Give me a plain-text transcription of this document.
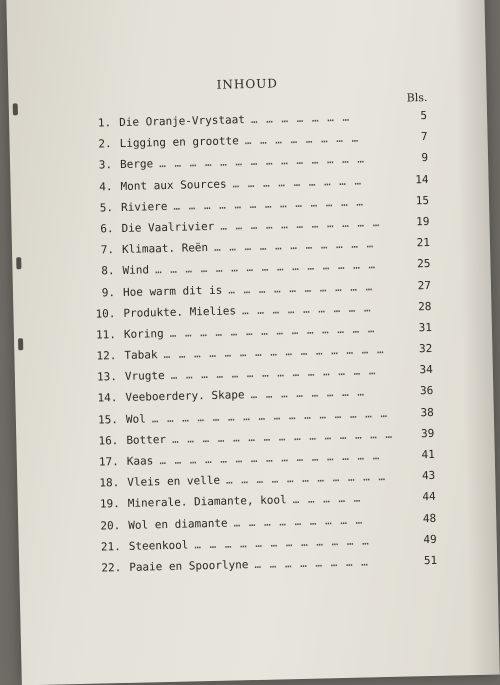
INHOUD
Bls.
1. Die Oranje-Vrystaat … … … … … … …	5
2. Ligging en grootte … … … … … … … …	7
3. Berge … … … … … … … … … … … … … …	9
4. Mont aux Sources … … … … … … … … …	14
5. Riviere … … … … … … … … … … … … …	15
6. Die Vaalrivier … … … … … … … … … … …	19
7. Klimaat. Reën … … … … … … … … … … …	21
8. Wind … … … … … … … … … … … … … … …	25
9. Hoe warm dit is … … … … … … … … … …	27
10. Produkte. Mielies … … … … … … … … …	28
11. Koring … … … … … … … … … … … … … …	31
12. Tabak … … … … … … … … … … … … … … …	32
13. Vrugte … … … … … … … … … … … … … …	34
14. Veeboerdery. Skape … … … … … … … …	36
15. Wol … … … … … … … … … … … … … … … …	38
16. Botter … … … … … … … … … … … … … … …	39
17. Kaas … … … … … … … … … … … … … … …	41
18. Vleis en velle … … … … … … … … … … …	43
19. Minerale. Diamante, kool … … … … …	44
20. Wol en diamante … … … … … … … … …	48
21. Steenkool … … … … … … … … … … … …	49
22. Paaie en Spoorlyne … … … … … … … …	51
